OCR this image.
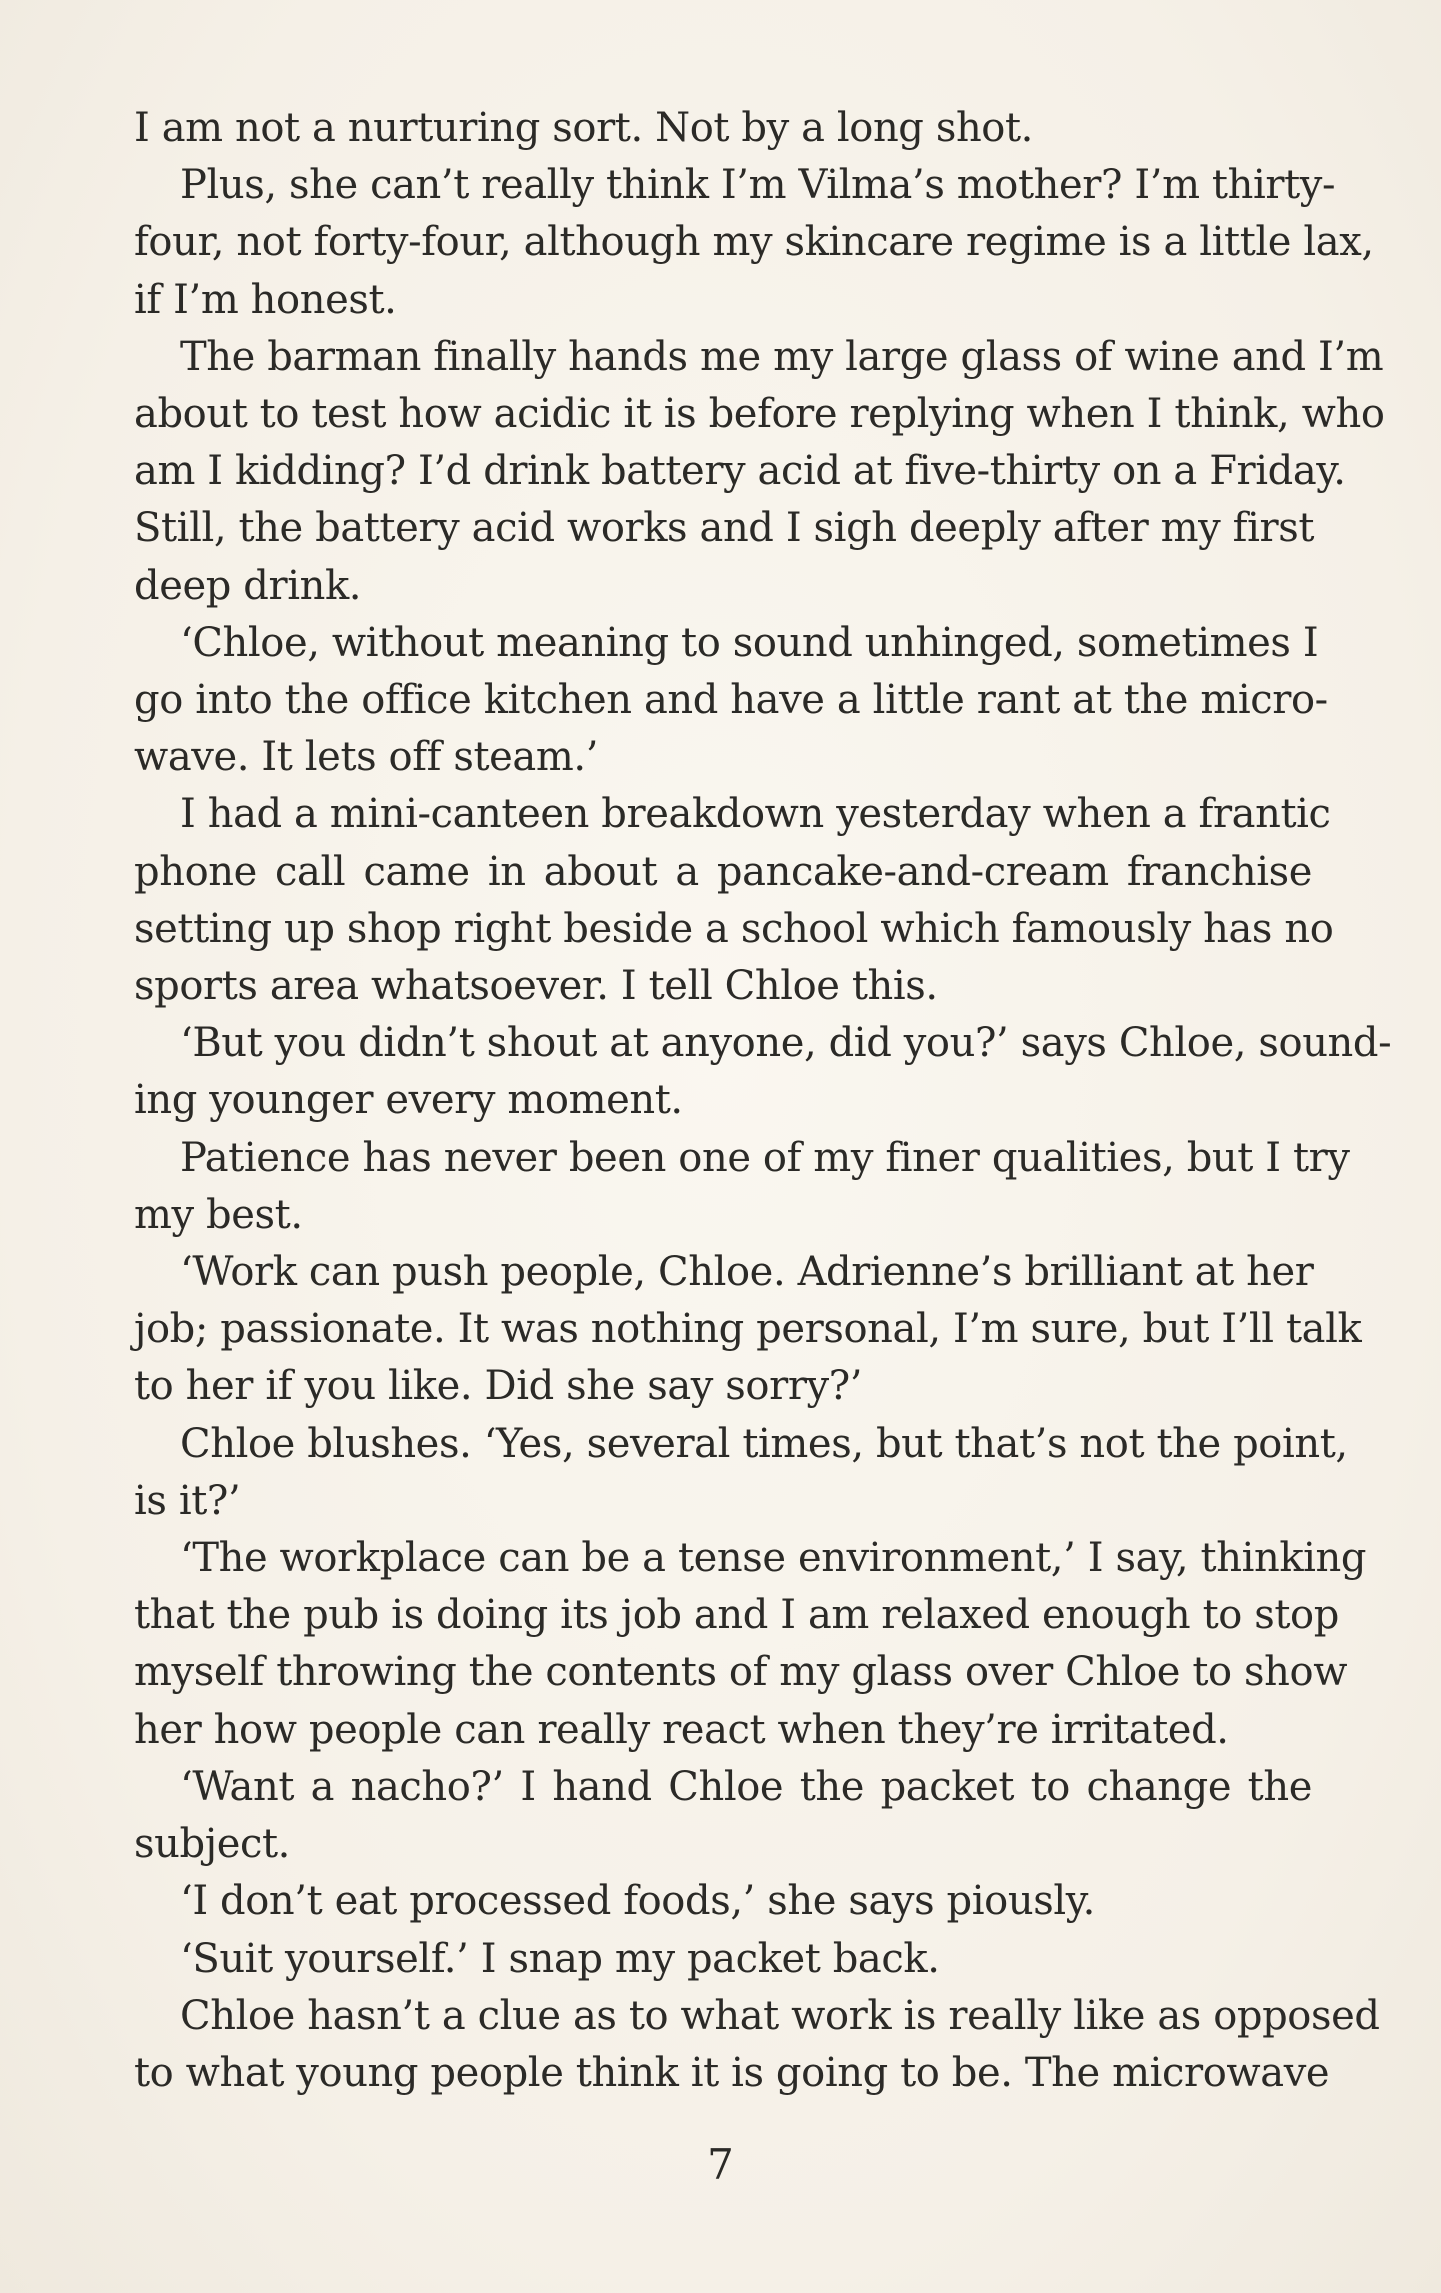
I am not a nurturing sort. Not by a long shot.
Plus, she can’t really think I’m Vilma’s mother? I’m thirty-
four, not forty-four, although my skincare regime is a little lax,
if I’m honest.
The barman finally hands me my large glass of wine and I’m
about to test how acidic it is before replying when I think, who
am I kidding? I’d drink battery acid at five-thirty on a Friday.
Still, the battery acid works and I sigh deeply after my first
deep drink.
‘Chloe, without meaning to sound unhinged, sometimes I
go into the office kitchen and have a little rant at the micro-
wave. It lets off steam.’
I had a mini-canteen breakdown yesterday when a frantic
phone call came in about a pancake-and-cream franchise
setting up shop right beside a school which famously has no
sports area whatsoever. I tell Chloe this.
‘But you didn’t shout at anyone, did you?’ says Chloe, sound-
ing younger every moment.
Patience has never been one of my finer qualities, but I try
my best.
‘Work can push people, Chloe. Adrienne’s brilliant at her
job; passionate. It was nothing personal, I’m sure, but I’ll talk
to her if you like. Did she say sorry?’
Chloe blushes. ‘Yes, several times, but that’s not the point,
is it?’
‘The workplace can be a tense environment,’ I say, thinking
that the pub is doing its job and I am relaxed enough to stop
myself throwing the contents of my glass over Chloe to show
her how people can really react when they’re irritated.
‘Want a nacho?’ I hand Chloe the packet to change the
subject.
‘I don’t eat processed foods,’ she says piously.
‘Suit yourself.’ I snap my packet back.
Chloe hasn’t a clue as to what work is really like as opposed
to what young people think it is going to be. The microwave
7
